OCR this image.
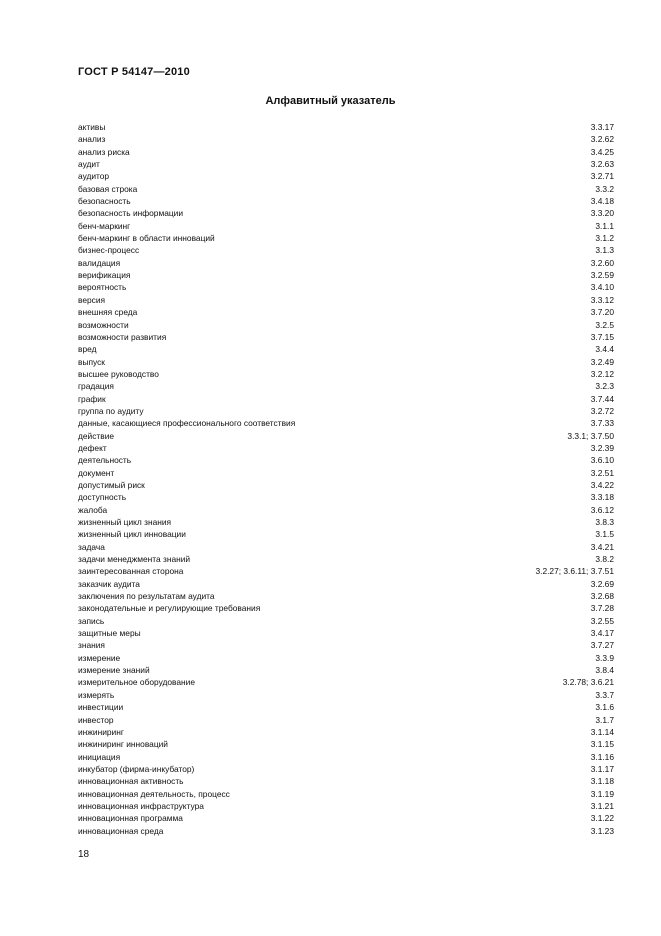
ГОСТ Р 54147—2010
Алфавитный указатель
активы	3.3.17
анализ	3.2.62
анализ риска	3.4.25
аудит	3.2.63
аудитор	3.2.71
базовая строка	3.3.2
безопасность	3.4.18
безопасность информации	3.3.20
бенч-маркинг	3.1.1
бенч-маркинг в области инноваций	3.1.2
бизнес-процесс	3.1.3
валидация	3.2.60
верификация	3.2.59
вероятность	3.4.10
версия	3.3.12
внешняя среда	3.7.20
возможности	3.2.5
возможности развития	3.7.15
вред	3.4.4
выпуск	3.2.49
высшее руководство	3.2.12
градация	3.2.3
график	3.7.44
группа по аудиту	3.2.72
данные, касающиеся профессионального соответствия	3.7.33
действие	3.3.1; 3.7.50
дефект	3.2.39
деятельность	3.6.10
документ	3.2.51
допустимый риск	3.4.22
доступность	3.3.18
жалоба	3.6.12
жизненный цикл знания	3.8.3
жизненный цикл инновации	3.1.5
задача	3.4.21
задачи менеджмента знаний	3.8.2
заинтересованная сторона	3.2.27; 3.6.11; 3.7.51
заказчик аудита	3.2.69
заключения по результатам аудита	3.2.68
законодательные и регулирующие требования	3.7.28
запись	3.2.55
защитные меры	3.4.17
знания	3.7.27
измерение	3.3.9
измерение знаний	3.8.4
измерительное оборудование	3.2.78; 3.6.21
измерять	3.3.7
инвестиции	3.1.6
инвестор	3.1.7
инжиниринг	3.1.14
инжиниринг инноваций	3.1.15
инициация	3.1.16
инкубатор (фирма-инкубатор)	3.1.17
инновационная активность	3.1.18
инновационная деятельность, процесс	3.1.19
инновационная инфраструктура	3.1.21
инновационная программа	3.1.22
инновационная среда	3.1.23
18
